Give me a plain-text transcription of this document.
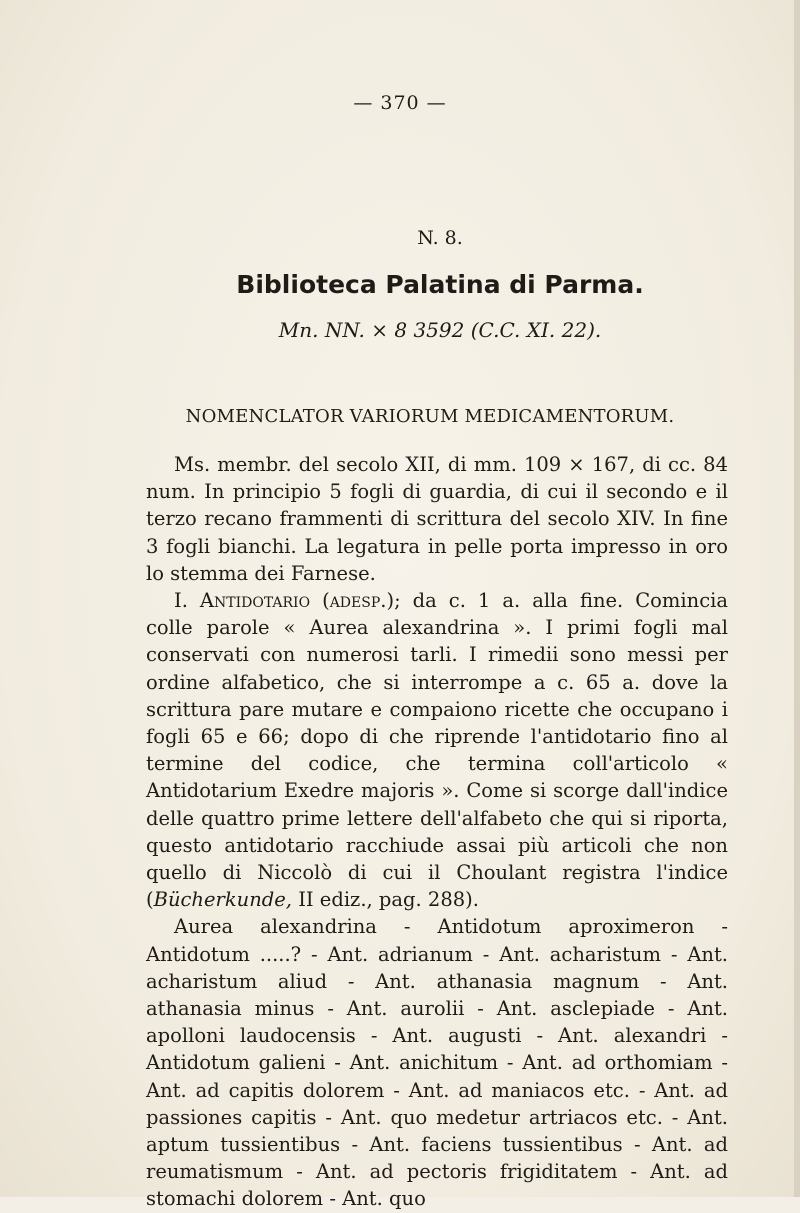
— 370 —
N. 8.
Biblioteca Palatina di Parma.
Mn. NN. × 8 3592 (C.C. XI. 22).
NOMENCLATOR VARIORUM MEDICAMENTORUM.

Ms. membr. del secolo XII, di mm. 109 × 167, di cc. 84 num. In principio 5 fogli di guardia, di cui il secondo e il terzo recano frammenti di scrittura del secolo XIV. In fine 3 fogli bianchi. La legatura in pelle porta impresso in oro lo stemma dei Farnese.

I. Antidotario (adesp.); da c. 1 a. alla fine. Comincia colle parole « Aurea alexandrina ». I primi fogli mal conservati con numerosi tarli. I rimedii sono messi per ordine alfabetico, che si interrompe a c. 65 a. dove la scrittura pare mutare e compaiono ricette che occupano i fogli 65 e 66; dopo di che riprende l'antidotario fino al termine del codice, che termina coll'articolo « Antidotarium Exedre majoris ». Come si scorge dall'indice delle quattro prime lettere dell'alfabeto che qui si riporta, questo antidotario racchiude assai più articoli che non quello di Niccolò di cui il Choulant registra l'indice (Bücherkunde, II ediz., pag. 288).

Aurea alexandrina - Antidotum aproximeron - Antidotum .....? - Ant. adrianum - Ant. acharistum - Ant. acharistum aliud - Ant. athanasia magnum - Ant. athanasia minus - Ant. aurolii - Ant. asclepiade - Ant. apolloni laudocensis - Ant. augusti - Ant. alexandri - Antidotum galieni - Ant. anichitum - Ant. ad orthomiam - Ant. ad capitis dolorem - Ant. ad maniacos etc. - Ant. ad passiones capitis - Ant. quo medetur artriacos etc. - Ant. aptum tussientibus - Ant. faciens tussientibus - Ant. ad reumatismum - Ant. ad pectoris frigiditatem - Ant. ad stomachi dolorem - Ant. quo
